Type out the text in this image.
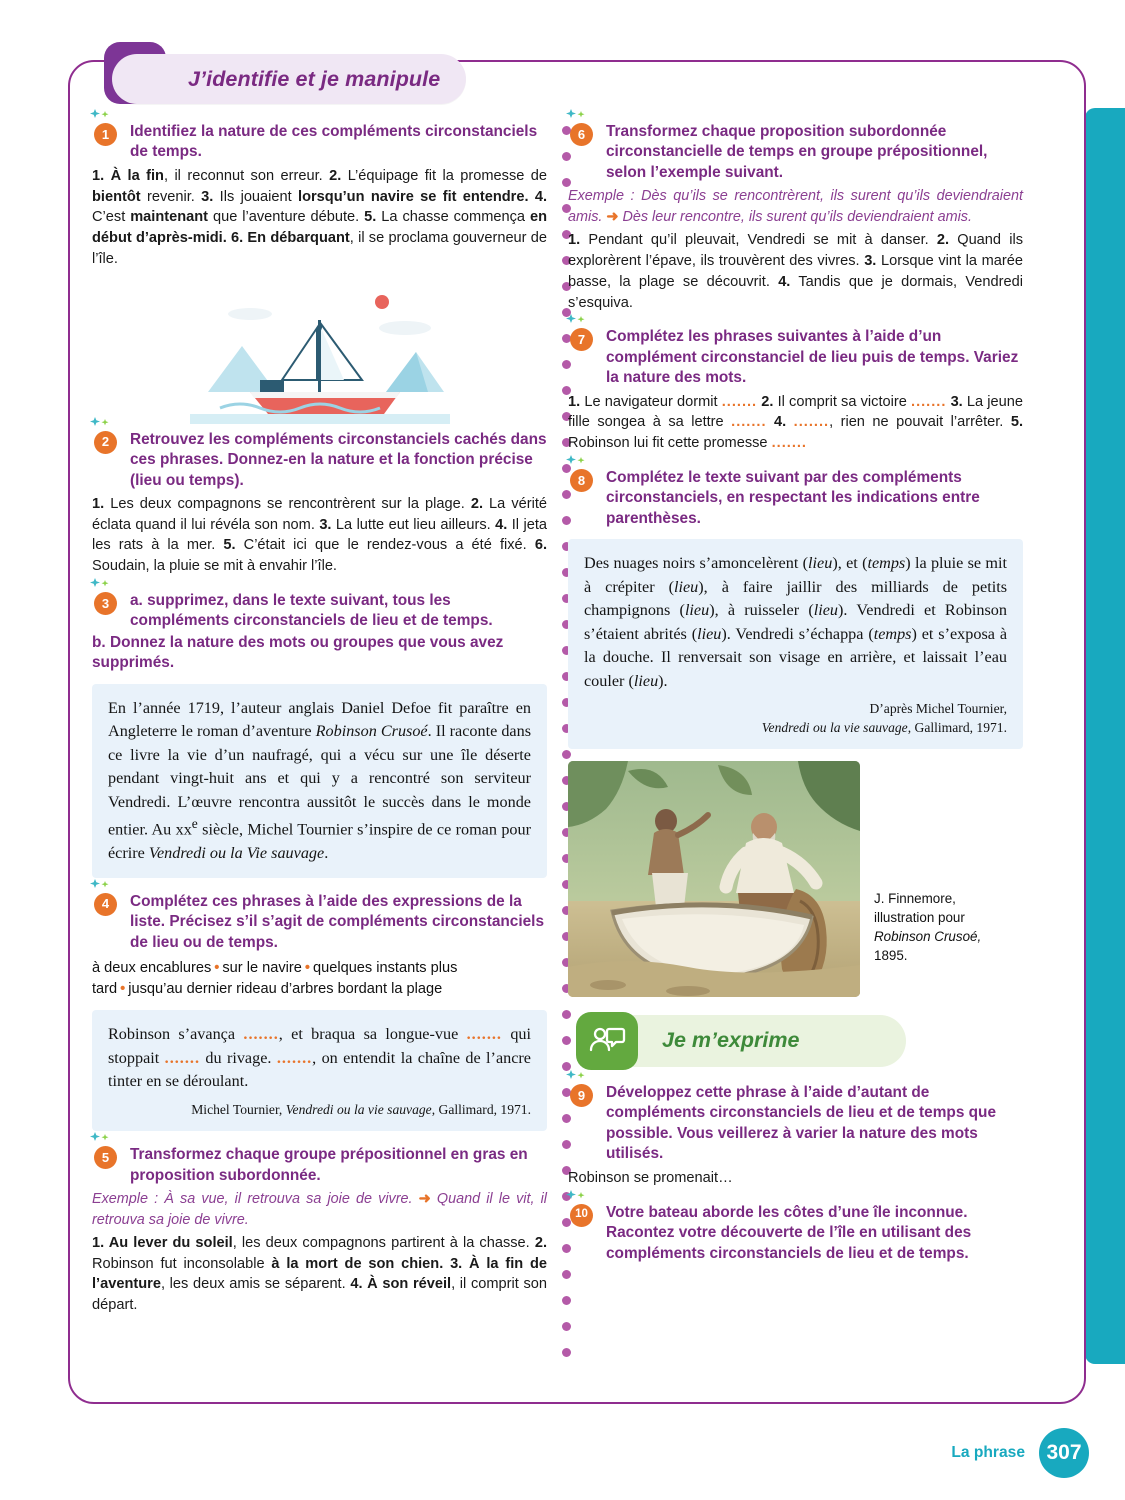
J’identifie et je manipule
1	Identifiez la nature de ces compléments circonstanciels de temps.
1. À la fin, il reconnut son erreur. 2. L’équipage fit la promesse de bientôt revenir. 3. Ils jouaient lorsqu’un navire se fit entendre. 4. C’est maintenant que l’aventure débute. 5. La chasse commença en début d’après-midi. 6. En débarquant, il se proclama gouverneur de l’île.
2	Retrouvez les compléments circonstanciels cachés dans ces phrases. Donnez-en la nature et la fonction précise (lieu ou temps).
1. Les deux compagnons se rencontrèrent sur la plage. 2. La vérité éclata quand il lui révéla son nom. 3. La lutte eut lieu ailleurs. 4. Il jeta les rats à la mer. 5. C’était ici que le rendez-vous a été fixé. 6. Soudain, la pluie se mit à envahir l’île.
3	a. supprimez, dans le texte suivant, tous les compléments circonstanciels de lieu et de temps.
b. Donnez la nature des mots ou groupes que vous avez supprimés.
En l’année 1719, l’auteur anglais Daniel Defoe fit paraître en Angleterre le roman d’aventure Robinson Crusoé. Il raconte dans ce livre la vie d’un naufragé, qui a vécu sur une île déserte pendant vingt-huit ans et qui y a rencontré son serviteur Vendredi. L’œuvre rencontra aussitôt le succès dans le monde entier. Au $xx^e$ siècle, Michel Tournier s’inspire de ce roman pour écrire Vendredi ou la Vie sauvage.
4	Complétez ces phrases à l’aide des expressions de la liste. Précisez s’il s’agit de compléments circonstanciels de lieu ou de temps.
à deux encablures • sur le navire • quelques instants plus tard • jusqu’au dernier rideau d’arbres bordant la plage
Robinson s’avança ......., et braqua sa longue-vue ....... qui stoppait ....... du rivage. ......., on entendit la chaîne de l’ancre tinter en se déroulant.
Michel Tournier, Vendredi ou la vie sauvage, Gallimard, 1971.
5	Transformez chaque groupe prépositionnel en gras en proposition subordonnée.
Exemple : À sa vue, il retrouva sa joie de vivre. ➜ Quand il le vit, il retrouva sa joie de vivre.
1. Au lever du soleil, les deux compagnons partirent à la chasse. 2. Robinson fut inconsolable à la mort de son chien. 3. À la fin de l’aventure, les deux amis se séparent. 4. À son réveil, il comprit son départ.
6	Transformez chaque proposition subordonnée circonstancielle de temps en groupe prépositionnel, selon l’exemple suivant.
Exemple : Dès qu’ils se rencontrèrent, ils surent qu’ils deviendraient amis. ➜ Dès leur rencontre, ils surent qu’ils deviendraient amis.
1. Pendant qu’il pleuvait, Vendredi se mit à danser. 2. Quand ils explorèrent l’épave, ils trouvèrent des vivres. 3. Lorsque vint la marée basse, la plage se découvrit. 4. Tandis que je dormais, Vendredi s’esquiva.
7	Complétez les phrases suivantes à l’aide d’un complément circonstanciel de lieu puis de temps. Variez la nature des mots.
1. Le navigateur dormit ....... 2. Il comprit sa victoire ....... 3. La jeune fille songea à sa lettre ....... 4. ......., rien ne pouvait l’arrêter. 5. Robinson lui fit cette promesse .......
8	Complétez le texte suivant par des compléments circonstanciels, en respectant les indications entre parenthèses.
Des nuages noirs s’amoncelèrent (lieu), et (temps) la pluie se mit à crépiter (lieu), à faire jaillir des milliards de petits champignons (lieu), à ruisseler (lieu). Vendredi et Robinson s’étaient abrités (lieu). Vendredi s’échappa (temps) et s’exposa à la douche. Il renversait son visage en arrière, et laissait l’eau couler (lieu).
D’après Michel Tournier,
Vendredi ou la vie sauvage, Gallimard, 1971.
J. Finnemore,
illustration pour
Robinson Crusoé,
1895.
Je m’exprime
9	Développez cette phrase à l’aide d’autant de compléments circonstanciels de lieu et de temps que possible. Vous veillerez à varier la nature des mots utilisés.
Robinson se promenait…
10	Votre bateau aborde les côtes d’une île inconnue. Racontez votre découverte de l’île en utilisant des compléments circonstanciels de lieu et de temps.
La phrase	307
